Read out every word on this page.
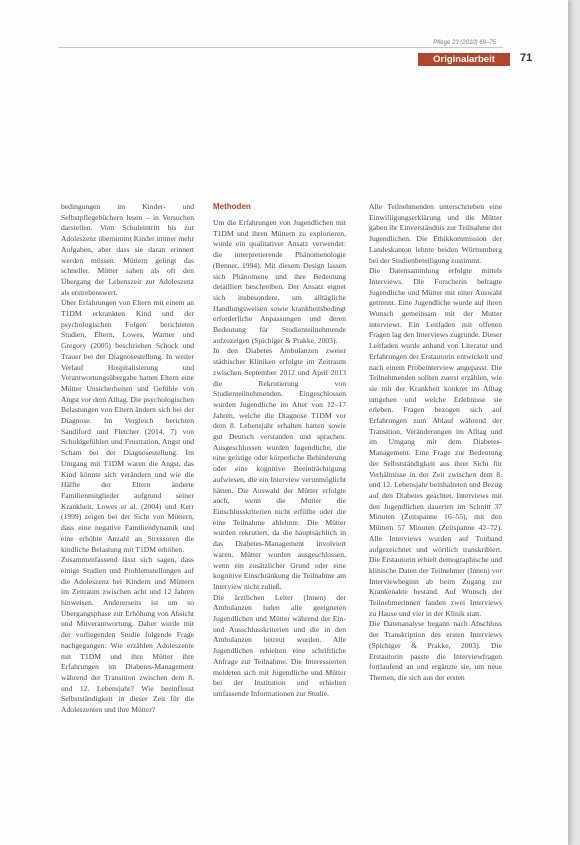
Pflege 23 (2010) 69–75
Originalarbeit	71

bedingungen im Kinder- und Selbstpflegebüchern lesen – in Versuchen darstellen. Vom Schuleintritt bis zur Adoleszenz übernimmt Kinder immer mehr Aufgaben, aber dass sie daran erinnert werden müssen. Müttern gelingt das schneller. Mütter sahen als oft den Übergang der Lebenszeit zur Adoleszenz als erstrebenswert.

Über Erfahrungen von Eltern mit einem an T1DM erkrankten Kind und der psychologischen Folgen berichteten Studien, Eltern, Lowes, Warner und Gregory (2005) beschrieben Schock und Trauer bei der Diagnosestellung. In weiter Verlauf Hospitalisierung und Verantwortungsübergabe hatten Eltern eine Mütter Unsicherheiten und Gefühle von Angst vor dem Alltag. Die psychologischen Belastungen von Eltern ändern sich bei der Diagnose. Im Vergleich berichten Sandiford und Fletcher (2014, 7) von Schuldgefühlen und Frustration, Angst und Scham bei der Diagnosestellung. Im Umgang mit T1DM waren die Angst, das Kind könnte sich verändern und wie die Hälfte der Eltern änderte Familienmitglieder aufgrund seiner Krankheit. Lowes et al. (2004) und Kerr (1999) zeigen bei der Sicht von Müttern, dass eine negative Familiendynamik und eine erhöhte Anzahl an Stressoren die kindliche Belastung mit T1DM erhöhen.

Zusammenfassend lässt sich sagen, dass einige Studien und Problemstellungen auf die Adoleszenz bei Kindern und Müttern im Zeitraum zwischen acht und 12 Jahren hinweisen. Andererseits ist um so Übergangsphase zur Erhöhung von Absicht und Mitverantwortung. Daher wurde mit der vorliegenden Studie folgende Frage nachgegangen: Wie erzählen Adoleszente mit T1DM und ihre Mütter ihre Erfahrungen im Diabetes-Management während der Transition zwischen dem 8. und 12. Lebensjahr? Wie beeinflusst Selbstständigkeit in dieser Zeit für die Adoleszenten und ihre Mütter?

Methoden

Um die Erfahrungen von Jugendlichen mit T1DM und ihren Müttern zu explorieren, wurde ein qualitativer Ansatz verwendet: die interpretierende Phänomenologie (Benner, 1994). Mit diesem Design lassen sich Phänomene und ihre Bedeutung detailliert beschreiben. Der Ansatz eignet sich insbesondere, um alltägliche Handlungsweisen sowie krankheitsbedingt erforderliche Anpassungen und deren Bedeutung für Studienteilnehmende aufzuzeigen (Spichiger & Prakke, 2003).

In den Diabetes Ambulanzen zweier städtischer Kliniken erfolgte im Zeitraum zwischen September 2012 und April 2013 die Rekrutierung von Studienteilnehmenden. Eingeschlossen wurden Jugendliche im Alter von 12–17 Jahren, welche die Diagnose T1DM vor dem 8. Lebensjahr erhalten hatten sowie gut Deutsch verstanden und sprachen. Ausgeschlossen wurden Jugendliche, die eine geistige oder körperliche Behinderung oder eine kognitive Beeinträchtigung aufwiesen, die ein Interview verunmöglicht hätten. Die Auswahl der Mütter erfolgte auch, wenn die Mutter die Einschlusskriterien nicht erfüllte oder die eine Teilnahme ablehnte. Die Mütter wurden rekrutiert, da die hauptsächlich in das Diabetes-Management involviert waren. Mütter wurden ausgeschlossen, wenn ein zusätzlicher Grund oder eine kognitive Einschränkung die Teilnahme am Interview nicht zuließ.

Die ärztlichen Leiter (Innen) der Ambulanzen luden alle geeigneten Jugendlichen und Mütter während der Ein- und Ausschlusskriterien und die in den Ambulanzen betreut wurden. Alle Jugendlichen erhielten eine schriftliche Anfrage zur Teilnahme. Die Interessierten meldeten sich mit Jugendliche und Mütter bei der Institution und erhielten umfassende Informationen zur Studie.

Alle Teilnehmenden unterschrieben eine Einwilligungserklärung und die Mütter gaben ihr Einverständnis zur Teilnahme der Jugendlichen. Die Ethikkommission der Landeskanton lehnte beiden Württemberg bei der Studienbeteiligung zustimmt.

Die Datensammlung erfolgte mittels Interviews. Die Forscherin befragte Jugendliche und Mütter mit einer Auswahl getrennt. Eine Jugendliche wurde auf ihren Wunsch gemeinsam mit der Mutter interviewt. Ein Leitfaden mit offenen Fragen lag den Interviews zugrunde. Dieser Leitfaden wurde anhand von Literatur und Erfahrungen der Erstautorin entwickelt und nach einem Probeinterview angepasst. Die Teilnehmenden sollten zuerst erzählen, wie sie mit der Krankheit konkret im Alltag umgehen und welche Erlebnisse sie erleben. Fragen bezogen sich auf Erfahrungen zum Ablauf während der Transition, Veränderungen im Alltag und im Umgang mit dem Diabetes-Management. Eine Frage zur Bedeutung der Selbstständigkeit aus ihrer Sicht für Verhältnisse in der Zeit zwischen dem 8. und 12. Lebensjahr beinhalteten und Bezug auf den Diabetes geachtet. Interviews mit den Jugendlichen dauerten im Schnitt 37 Minuten (Zeitspanne 16–55), mit den Müttern 57 Minuten (Zeitspanne 42–72). Alle Interviews wurden auf Tonband aufgezeichnet und wörtlich transkribiert. Die Erstautorin erhielt demographische und klinische Daten der Teilnehmer (Innen) vor Interviewbeginn ab beim Zugang zur Krankenakte bestand. Auf Wunsch der Teilnehmerinnen fanden zwei Interviews zu Hause und vier in der Klinik statt.

Die Datenanalyse begann nach Abschluss der Transkription des ersten Interviews (Spichiger & Prakke, 2003). Die Erstautorin passte die Interviewfragen fortlaufend an und ergänzte sie, um neue Themen, die sich aus der ersten
